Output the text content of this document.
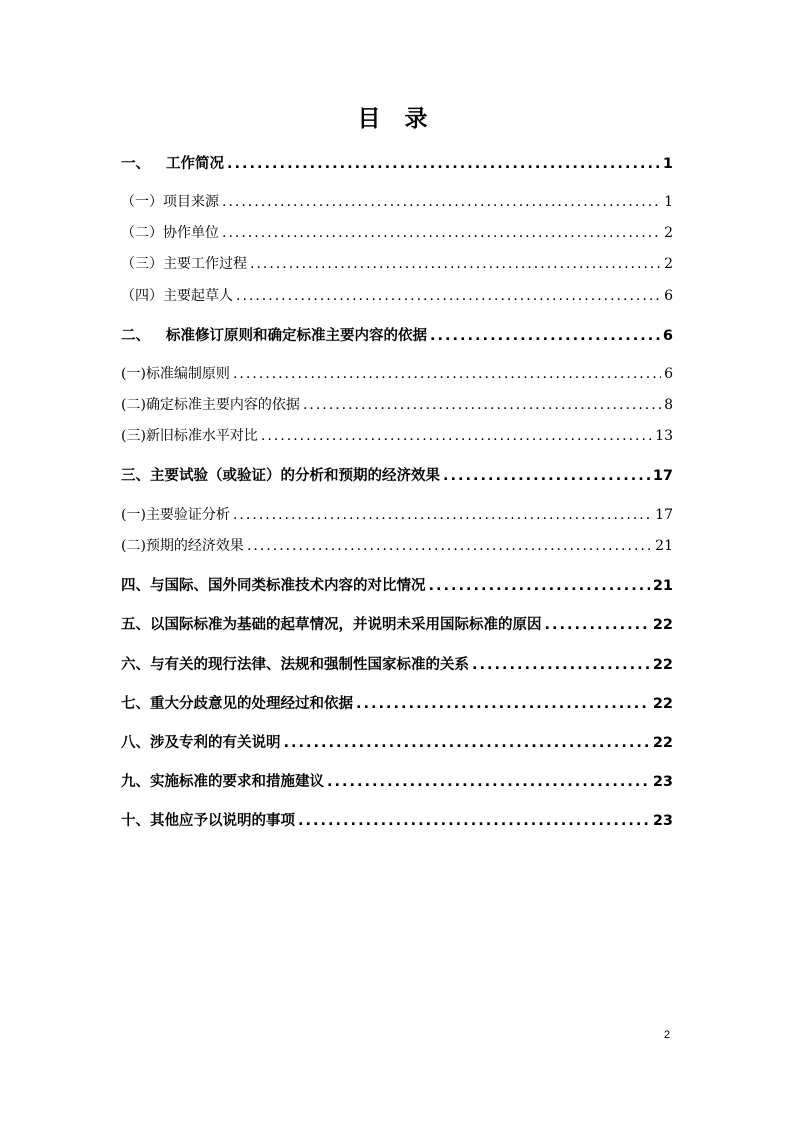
目 录
一、 工作简况 .....	1
（一） 项目来源 .....	1
（二） 协作单位 .....	2
（三） 主要工作过程 .....	2
（四） 主要起草人 .....	6
二、 标准修订原则和确定标准主要内容的依据 .....	6
(一) 标准编制原则 .....	6
(二) 确定标准主要内容的依据 .....	8
(三) 新旧标准水平对比 .....	13
三、 主要试验（或验证）的分析和预期的经济效果 .....	17
(一) 主要验证分析 .....	17
(二) 预期的经济效果 .....	21
四、 与国际、国外同类标准技术内容的对比情况 .....	21
五、 以国际标准为基础的起草情况，并说明未采用国际标准的原因 .....	22
六、 与有关的现行法律、法规和强制性国家标准的关系 .....	22
七、 重大分歧意见的处理经过和依据 .....	22
八、 涉及专利的有关说明 .....	22
九、 实施标准的要求和措施建议 .....	23
十、 其他应予以说明的事项 .....	23
2
